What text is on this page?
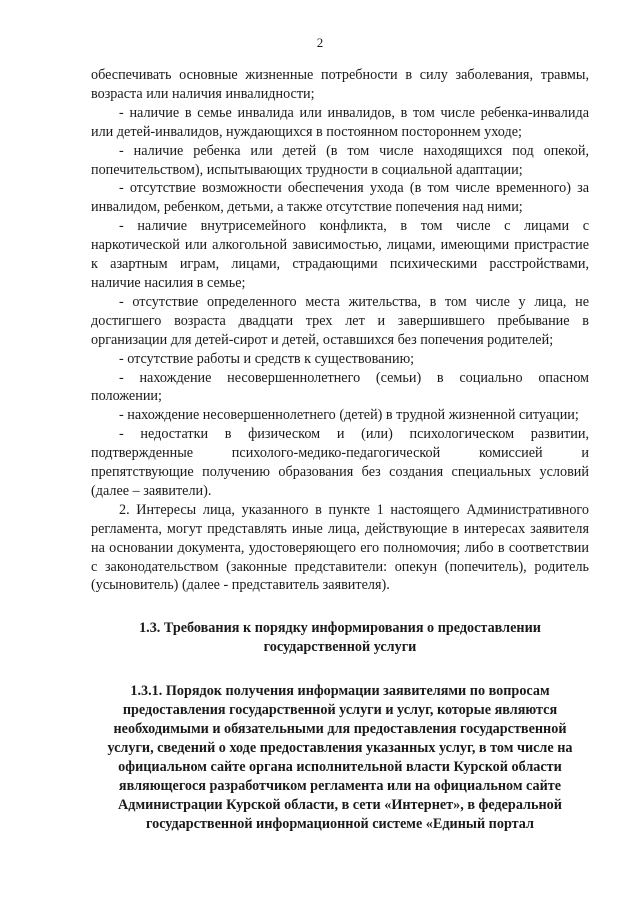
2

обеспечивать основные жизненные потребности в силу заболевания, травмы, возраста или наличия инвалидности;

- наличие в семье инвалида или инвалидов, в том числе ребенка-инвалида или детей-инвалидов, нуждающихся в постоянном постороннем уходе;

- наличие ребенка или детей (в том числе находящихся под опекой, попечительством), испытывающих трудности в социальной адаптации;

- отсутствие возможности обеспечения ухода (в том числе временного) за инвалидом, ребенком, детьми, а также отсутствие попечения над ними;

- наличие внутрисемейного конфликта, в том числе с лицами с наркотической или алкогольной зависимостью, лицами, имеющими пристрастие к азартным играм, лицами, страдающими психическими расстройствами, наличие насилия в семье;

- отсутствие определенного места жительства, в том числе у лица, не достигшего возраста двадцати трех лет и завершившего пребывание в организации для детей-сирот и детей, оставшихся без попечения родителей;

- отсутствие работы и средств к существованию;

- нахождение несовершеннолетнего (семьи) в социально опасном положении;

- нахождение несовершеннолетнего (детей) в трудной жизненной ситуации;

- недостатки в физическом и (или) психологическом развитии, подтвержденные психолого-медико-педагогической комиссией и препятствующие получению образования без создания специальных условий (далее – заявители).

2. Интересы лица, указанного в пункте 1 настоящего Административного регламента, могут представлять иные лица, действующие в интересах заявителя на основании документа, удостоверяющего его полномочия; либо в соответствии с законодательством (законные представители: опекун (попечитель), родитель (усыновитель) (далее - представитель заявителя).

1.3. Требования к порядку информирования о предоставлении государственной услуги

1.3.1. Порядок получения информации заявителями по вопросам предоставления государственной услуги и услуг, которые являются необходимыми и обязательными для предоставления государственной услуги, сведений о ходе предоставления указанных услуг, в том числе на официальном сайте органа исполнительной власти Курской области являющегося разработчиком регламента или на официальном сайте Администрации Курской области, в сети «Интернет», в федеральной государственной информационной системе «Единый портал
